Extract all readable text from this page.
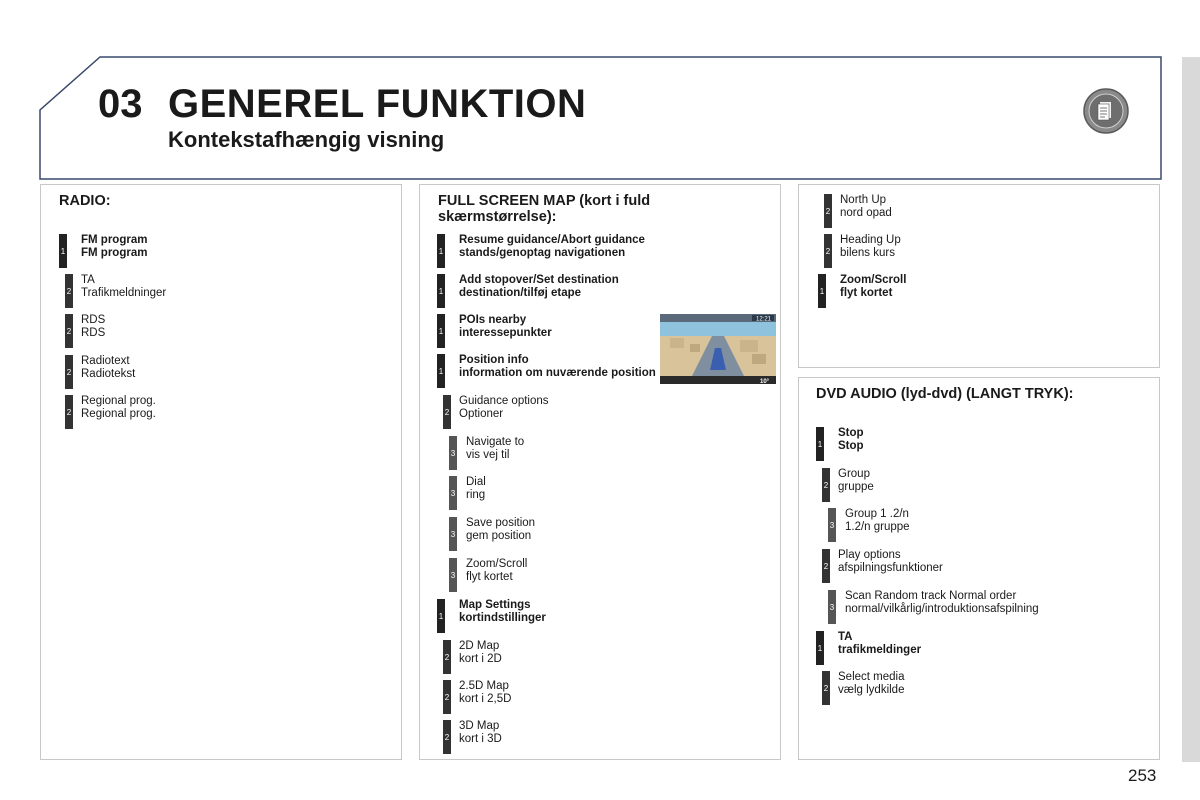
03 GENEREL FUNKTION
Kontekstafhængig visning
RADIO:
1
FM program
FM program
2
TA
Trafikmeldninger
2
RDS
RDS
2
Radiotext
Radiotekst
2
Regional prog.
Regional prog.
FULL SCREEN MAP (kort i fuld
skærmstørrelse):
1
Resume guidance/Abort guidance
stands/genoptag navigationen
1
Add stopover/Set destination
destination/tilføj etape
1
POIs nearby
interessepunkter
1
Position info
information om nuværende position
2
Guidance options
Optioner
3
Navigate to
vis vej til
3
Dial
ring
3
Save position
gem position
3
Zoom/Scroll
flyt kortet
1
Map Settings
kortindstillinger
2
2D Map
kort i 2D
2
2.5D Map
kort i 2,5D
2
3D Map
kort i 3D
12:21
10°
2
North Up
nord opad
2
Heading Up
bilens kurs
1
Zoom/Scroll
flyt kortet
DVD AUDIO (lyd-dvd) (LANGT TRYK):
1
Stop
Stop
2
Group
gruppe
3
Group 1 .2/n
1.2/n gruppe
2
Play options
afspilningsfunktioner
3
Scan Random track Normal order
normal/vilkårlig/introduktionsafspilning
1
TA
trafikmeldinger
2
Select media
vælg lydkilde
253
